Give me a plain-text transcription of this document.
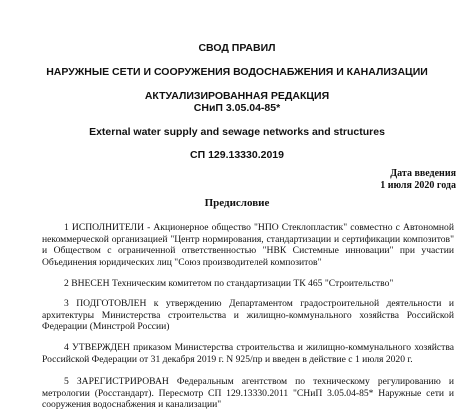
СВОД ПРАВИЛ
НАРУЖНЫЕ СЕТИ И СООРУЖЕНИЯ ВОДОСНАБЖЕНИЯ И КАНАЛИЗАЦИИ
АКТУАЛИЗИРОВАННАЯ РЕДАКЦИЯ
СНиП 3.05.04-85*
External water supply and sewage networks and structures
СП 129.13330.2019
Дата введения
1 июля 2020 года
Предисловие
1 ИСПОЛНИТЕЛИ - Акционерное общество "НПО Стеклопластик" совместно с Автономной некоммерческой организацией "Центр нормирования, стандартизации и сертификации композитов" и Обществом с ограниченной ответственностью "НВК Системные инновации" при участии Объединения юридических лиц "Союз производителей композитов"
2 ВНЕСЕН Техническим комитетом по стандартизации ТК 465 "Строительство"
3 ПОДГОТОВЛЕН к утверждению Департаментом градостроительной деятельности и архитектуры Министерства строительства и жилищно-коммунального хозяйства Российской Федерации (Минстрой России)
4 УТВЕРЖДЕН приказом Министерства строительства и жилищно-коммунального хозяйства Российской Федерации от 31 декабря 2019 г. N 925/пр и введен в действие с 1 июля 2020 г.
5 ЗАРЕГИСТРИРОВАН Федеральным агентством по техническому регулированию и метрологии (Росстандарт). Пересмотр СП 129.13330.2011 "СНиП 3.05.04-85* Наружные сети и сооружения водоснабжения и канализации"
